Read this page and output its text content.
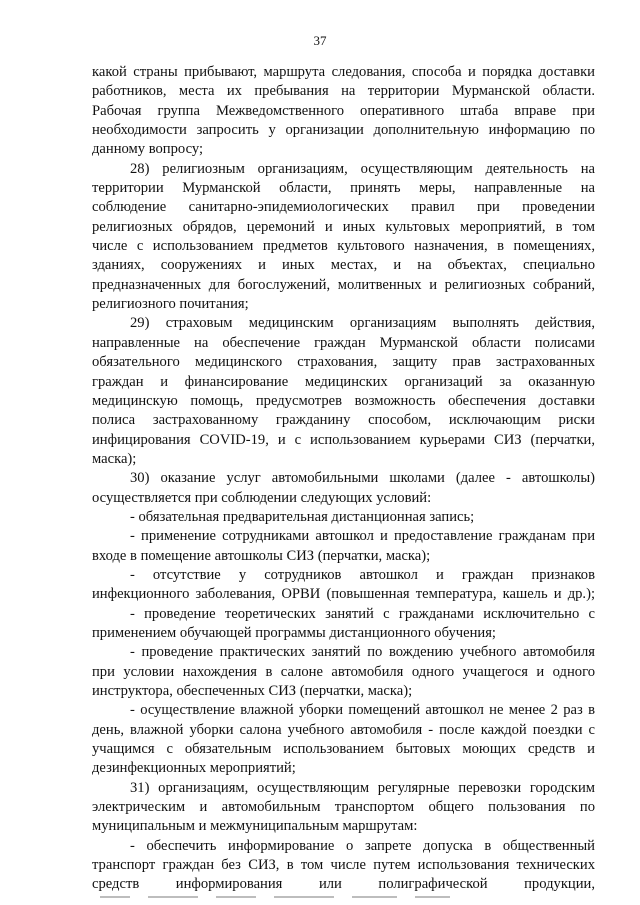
37
какой страны прибывают, маршрута следования, способа и порядка доставки
работников, места их пребывания на территории Мурманской области.
Рабочая группа Межведомственного оперативного штаба вправе при
необходимости запросить у организации дополнительную информацию по
данному вопросу;
28) религиозным организациям, осуществляющим деятельность на
территории Мурманской области, принять меры, направленные на
соблюдение санитарно-эпидемиологических правил при проведении
религиозных обрядов, церемоний и иных культовых мероприятий, в том
числе с использованием предметов культового назначения, в помещениях,
зданиях, сооружениях и иных местах, и на объектах, специально
предназначенных для богослужений, молитвенных и религиозных собраний,
религиозного почитания;
29) страховым медицинским организациям выполнять действия,
направленные на обеспечение граждан Мурманской области полисами
обязательного медицинского страхования, защиту прав застрахованных
граждан и финансирование медицинских организаций за оказанную
медицинскую помощь, предусмотрев возможность обеспечения доставки
полиса застрахованному гражданину способом, исключающим риски
инфицирования COVID-19, и с использованием курьерами СИЗ (перчатки,
маска);
30) оказание услуг автомобильными школами (далее - автошколы)
осуществляется при соблюдении следующих условий:
- обязательная предварительная дистанционная запись;
- применение сотрудниками автошкол и предоставление гражданам при
входе в помещение автошколы СИЗ (перчатки, маска);
- отсутствие у сотрудников автошкол и граждан признаков
инфекционного заболевания, ОРВИ (повышенная температура, кашель и др.);
- проведение теоретических занятий с гражданами исключительно с
применением обучающей программы дистанционного обучения;
- проведение практических занятий по вождению учебного автомобиля
при условии нахождения в салоне автомобиля одного учащегося и одного
инструктора, обеспеченных СИЗ (перчатки, маска);
- осуществление влажной уборки помещений автошкол не менее 2 раз в
день, влажной уборки салона учебного автомобиля - после каждой поездки с
учащимся с обязательным использованием бытовых моющих средств и
дезинфекционных мероприятий;
31) организациям, осуществляющим регулярные перевозки городским
электрическим и автомобильным транспортом общего пользования по
муниципальным и межмуниципальным маршрутам:
- обеспечить информирование о запрете допуска в общественный
транспорт граждан без СИЗ, в том числе путем использования технических
средств информирования или полиграфической продукции,
